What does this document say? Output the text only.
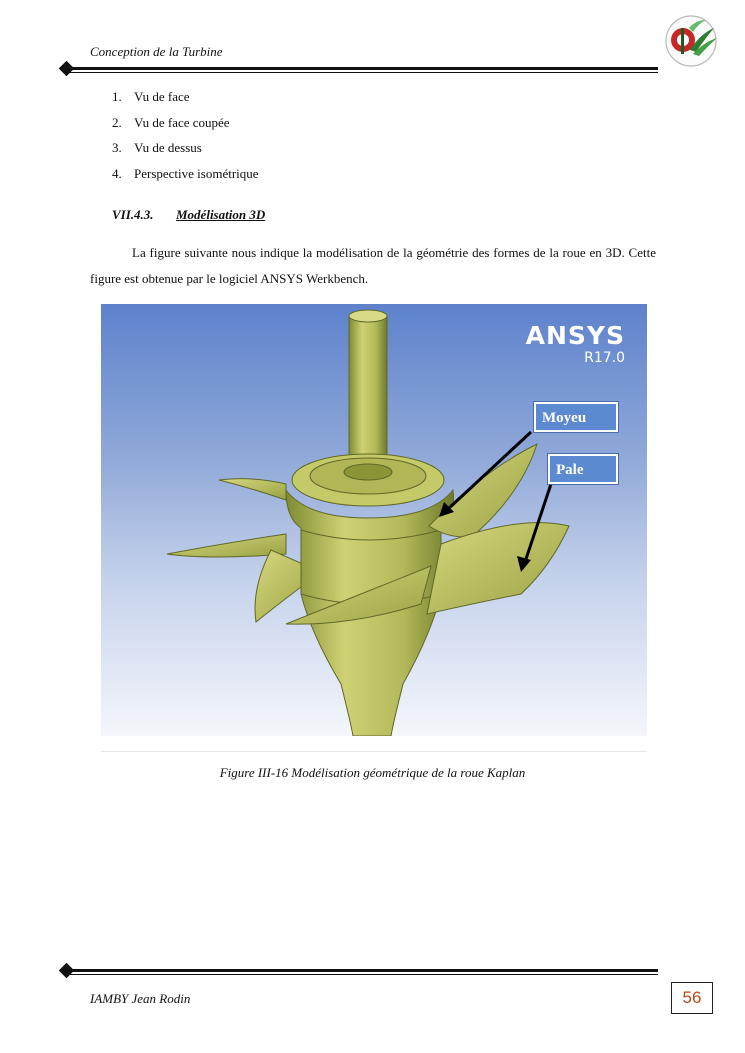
Conception de la Turbine
1. Vu de face
2. Vu de face coupée
3. Vu de dessus
4. Perspective isométrique
VII.4.3. Modélisation 3D

La figure suivante nous indique la modélisation de la géométrie des formes de la roue en 3D. Cette figure est obtenue par le logiciel ANSYS Werkbench.

ANSYS
R17.0
Moyeu
Pale
Figure III-16 Modélisation géométrique de la roue Kaplan
IAMBY Jean Rodin	56
